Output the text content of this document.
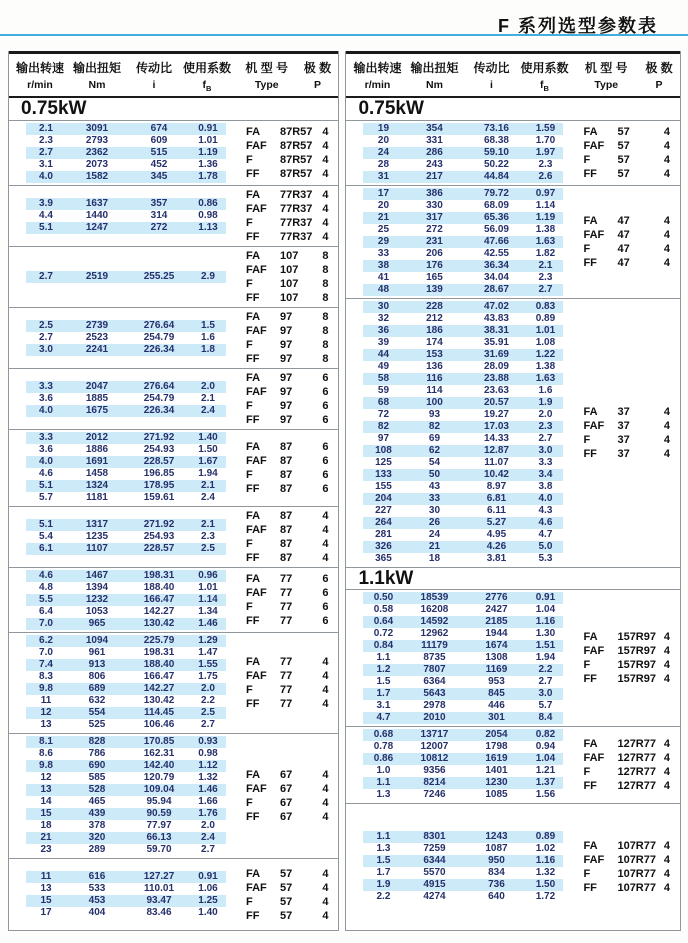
F 系列选型参数表
输出转速
r/min
输出扭矩
Nm
传动比
i
使用系数
$f_B$
机 型 号
Type
极 数
P
0.75kW
2.1	3091	674	0.91
2.3	2793	609	1.01
2.7	2362	515	1.19
3.1	2073	452	1.36
4.0	1582	345	1.78
FA	87R57 4
FAF	87R57 4
F	87R57 4
FF	87R57 4
3.9	1637	357	0.86
4.4	1440	314	0.98
5.1	1247	272	1.13
FA	77R37 4
FAF	77R37 4
F	77R37 4
FF	77R37 4
2.7	2519	255.25	2.9
FA	107	8
FAF	107	8
F	107	8
FF	107	8
2.5	2739	276.64	1.5
2.7	2523	254.79	1.6
3.0	2241	226.34	1.8
FA	97	8
FAF	97	8
F	97	8
FF	97	8
3.3	2047	276.64	2.0
3.6	1885	254.79	2.1
4.0	1675	226.34	2.4
FA	97	6
FAF	97	6
F	97	6
FF	97	6
3.3	2012	271.92	1.40
3.6	1886	254.93	1.50
4.0	1691	228.57	1.67
4.6	1458	196.85	1.94
5.1	1324	178.95	2.1
5.7	1181	159.61	2.4
FA	87	6
FAF	87	6
F	87	6
FF	87	6
5.1	1317	271.92	2.1
5.4	1235	254.93	2.3
6.1	1107	228.57	2.5
FA	87	4
FAF	87	4
F	87	4
FF	87	4
4.6	1467	198.31	0.96
4.8	1394	188.40	1.01
5.5	1232	166.47	1.14
6.4	1053	142.27	1.34
7.0	965	130.42	1.46
FA	77	6
FAF	77	6
F	77	6
FF	77	6
6.2	1094	225.79	1.29
7.0	961	198.31	1.47
7.4	913	188.40	1.55
8.3	806	166.47	1.75
9.8	689	142.27	2.0
11	632	130.42	2.2
12	554	114.45	2.5
13	525	106.46	2.7
FA	77	4
FAF	77	4
F	77	4
FF	77	4
8.1	828	170.85	0.93
8.6	786	162.31	0.98
9.8	690	142.40	1.12
12	585	120.79	1.32
13	528	109.04	1.46
14	465	95.94	1.66
15	439	90.59	1.76
18	378	77.97	2.0
21	320	66.13	2.4
23	289	59.70	2.7
FA	67	4
FAF	67	4
F	67	4
FF	67	4
11	616	127.27	0.91
13	533	110.01	1.06
15	453	93.47	1.25
17	404	83.46	1.40
FA	57	4
FAF	57	4
F	57	4
FF	57	4
输出转速
r/min
输出扭矩
Nm
传动比
i
使用系数
$f_B$
机 型 号
Type
极 数
P
0.75kW
19	354	73.16	1.59
20	331	68.38	1.70
24	286	59.10	1.97
28	243	50.22	2.3
31	217	44.84	2.6
FA	57	4
FAF	57	4
F	57	4
FF	57	4
17	386	79.72	0.97
20	330	68.09	1.14
21	317	65.36	1.19
25	272	56.09	1.38
29	231	47.66	1.63
33	206	42.55	1.82
38	176	36.34	2.1
41	165	34.04	2.3
48	139	28.67	2.7
FA	47	4
FAF	47	4
F	47	4
FF	47	4
30	228	47.02	0.83
32	212	43.83	0.89
36	186	38.31	1.01
39	174	35.91	1.08
44	153	31.69	1.22
49	136	28.09	1.38
58	116	23.88	1.63
59	114	23.63	1.6
68	100	20.57	1.9
72	93	19.27	2.0
82	82	17.03	2.3
97	69	14.33	2.7
108	62	12.87	3.0
125	54	11.07	3.3
133	50	10.42	3.4
155	43	8.97	3.8
204	33	6.81	4.0
227	30	6.11	4.3
264	26	5.27	4.6
281	24	4.95	4.7
326	21	4.26	5.0
365	18	3.81	5.3
FA	37	4
FAF	37	4
F	37	4
FF	37	4
1.1kW
0.50	18539	2776	0.91
0.58	16208	2427	1.04
0.64	14592	2185	1.16
0.72	12962	1944	1.30
0.84	11179	1674	1.51
1.1	8735	1308	1.94
1.2	7807	1169	2.2
1.5	6364	953	2.7
1.7	5643	845	3.0
3.1	2978	446	5.7
4.7	2010	301	8.4
FA	157R97 4
FAF	157R97 4
F	157R97 4
FF	157R97 4
0.68	13717	2054	0.82
0.78	12007	1798	0.94
0.86	10812	1619	1.04
1.0	9356	1401	1.21
1.1	8214	1230	1.37
1.3	7246	1085	1.56
FA	127R77 4
FAF	127R77 4
F	127R77 4
FF	127R77 4
1.1	8301	1243	0.89
1.3	7259	1087	1.02
1.5	6344	950	1.16
1.7	5570	834	1.32
1.9	4915	736	1.50
2.2	4274	640	1.72
FA	107R77 4
FAF	107R77 4
F	107R77 4
FF	107R77 4
